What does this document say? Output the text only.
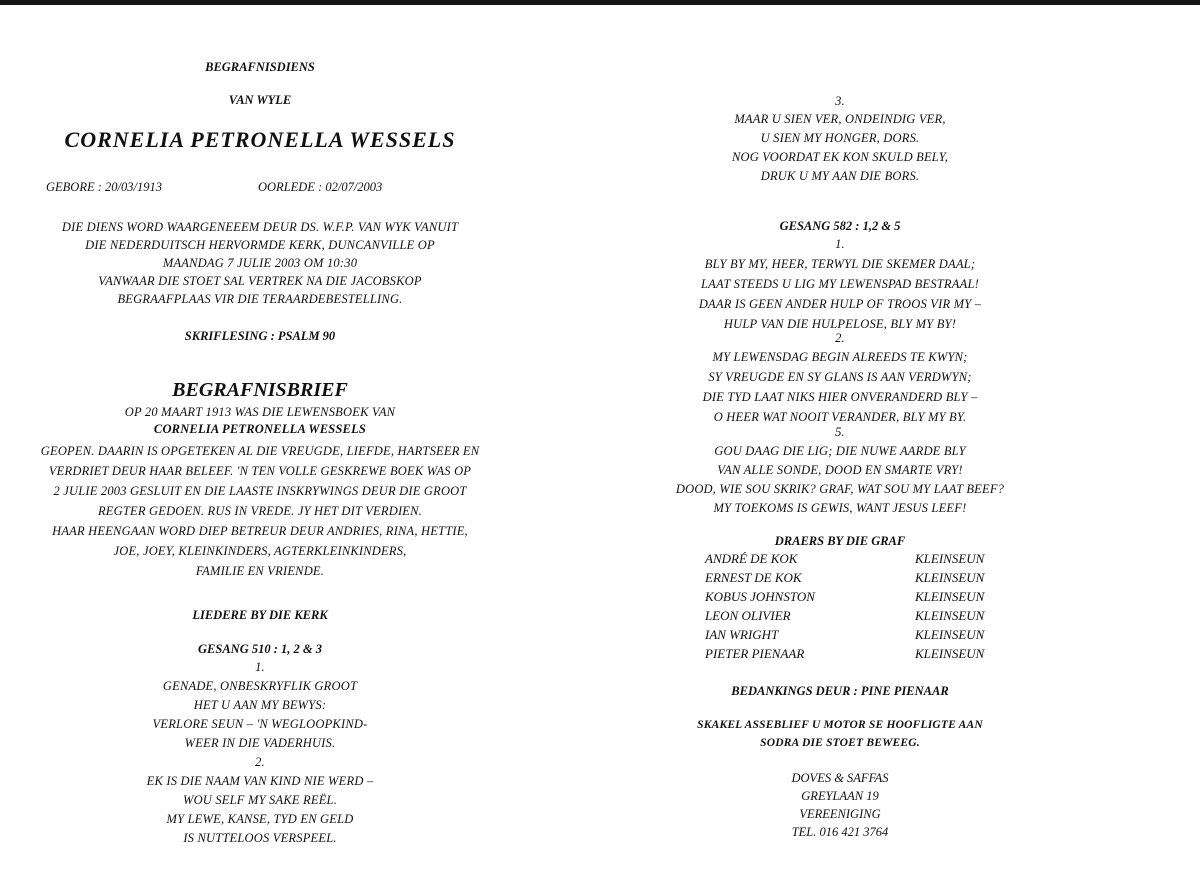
BEGRAFNISDIENS
VAN WYLE
CORNELIA PETRONELLA WESSELS
GEBORE : 20/03/1913	OORLEDE : 02/07/2003
DIE DIENS WORD WAARGENEEEM DEUR DS. W.F.P. VAN WYK VANUIT
DIE NEDERDUITSCH HERVORMDE KERK, DUNCANVILLE OP
MAANDAG 7 JULIE 2003 OM 10:30
VANWAAR DIE STOET SAL VERTREK NA DIE JACOBSKOP
BEGRAAFPLAAS VIR DIE TERAARDEBESTELLING.
SKRIFLESING : PSALM 90
BEGRAFNISBRIEF
OP 20 MAART 1913 WAS DIE LEWENSBOEK VAN
CORNELIA PETRONELLA WESSELS
GEOPEN. DAARIN IS OPGETEKEN AL DIE VREUGDE, LIEFDE, HARTSEER EN
VERDRIET DEUR HAAR BELEEF. 'N TEN VOLLE GESKREWE BOEK WAS OP
2 JULIE 2003 GESLUIT EN DIE LAASTE INSKRYWINGS DEUR DIE GROOT
REGTER GEDOEN. RUS IN VREDE. JY HET DIT VERDIEN.
HAAR HEENGAAN WORD DIEP BETREUR DEUR ANDRIES, RINA, HETTIE,
JOE, JOEY, KLEINKINDERS, AGTERKLEINKINDERS,
FAMILIE EN VRIENDE.
LIEDERE BY DIE KERK
GESANG 510 : 1, 2 & 3
1.
GENADE, ONBESKRYFLIK GROOT
HET U AAN MY BEWYS:
VERLORE SEUN – 'N WEGLOOPKIND-
WEER IN DIE VADERHUIS.
2.
EK IS DIE NAAM VAN KIND NIE WERD –
WOU SELF MY SAKE REËL.
MY LEWE, KANSE, TYD EN GELD
IS NUTTELOOS VERSPEEL.
3.
MAAR U SIEN VER, ONDEINDIG VER,
U SIEN MY HONGER, DORS.
NOG VOORDAT EK KON SKULD BELY,
DRUK U MY AAN DIE BORS.
GESANG 582 : 1,2 & 5
1.
BLY BY MY, HEER, TERWYL DIE SKEMER DAAL;
LAAT STEEDS U LIG MY LEWENSPAD BESTRAAL!
DAAR IS GEEN ANDER HULP OF TROOS VIR MY –
HULP VAN DIE HULPELOSE, BLY MY BY!
2.
MY LEWENSDAG BEGIN ALREEDS TE KWYN;
SY VREUGDE EN SY GLANS IS AAN VERDWYN;
DIE TYD LAAT NIKS HIER ONVERANDERD BLY –
O HEER WAT NOOIT VERANDER, BLY MY BY.
5.
GOU DAAG DIE LIG; DIE NUWE AARDE BLY
VAN ALLE SONDE, DOOD EN SMARTE VRY!
DOOD, WIE SOU SKRIK? GRAF, WAT SOU MY LAAT BEEF?
MY TOEKOMS IS GEWIS, WANT JESUS LEEF!
DRAERS BY DIE GRAF
ANDRÉ DE KOK	KLEINSEUN
ERNEST DE KOK	KLEINSEUN
KOBUS JOHNSTON	KLEINSEUN
LEON OLIVIER	KLEINSEUN
IAN WRIGHT	KLEINSEUN
PIETER PIENAAR	KLEINSEUN
BEDANKINGS DEUR : PINE PIENAAR
SKAKEL ASSEBLIEF U MOTOR SE HOOFLIGTE AAN
SODRA DIE STOET BEWEEG.
DOVES & SAFFAS
GREYLAAN 19
VEREENIGING
TEL. 016 421 3764
